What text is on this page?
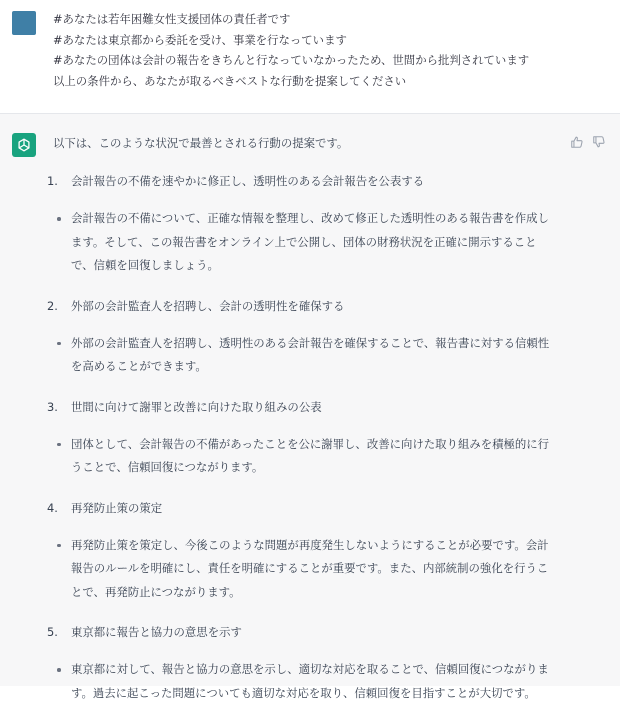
#あなたは若年困難女性支援団体の責任者です
#あなたは東京都から委託を受け、事業を行なっています
#あなたの団体は会計の報告をきちんと行なっていなかったため、世間から批判されています
以上の条件から、あなたが取るべきベストな行動を提案してください
以下は、このような状況で最善とされる行動の提案です。
1. 会計報告の不備を速やかに修正し、透明性のある会計報告を公表する
会計報告の不備について、正確な情報を整理し、改めて修正した透明性のある報告書を作成します。そして、この報告書をオンライン上で公開し、団体の財務状況を正確に開示することで、信頼を回復しましょう。
2. 外部の会計監査人を招聘し、会計の透明性を確保する
外部の会計監査人を招聘し、透明性のある会計報告を確保することで、報告書に対する信頼性を高めることができます。
3. 世間に向けて謝罪と改善に向けた取り組みの公表
団体として、会計報告の不備があったことを公に謝罪し、改善に向けた取り組みを積極的に行うことで、信頼回復につながります。
4. 再発防止策の策定
再発防止策を策定し、今後このような問題が再度発生しないようにすることが必要です。会計報告のルールを明確にし、責任を明確にすることが重要です。また、内部統制の強化を行うことで、再発防止につながります。
5. 東京都に報告と協力の意思を示す
東京都に対して、報告と協力の意思を示し、適切な対応を取ることで、信頼回復につながります。過去に起こった問題についても適切な対応を取り、信頼回復を目指すことが大切です。
